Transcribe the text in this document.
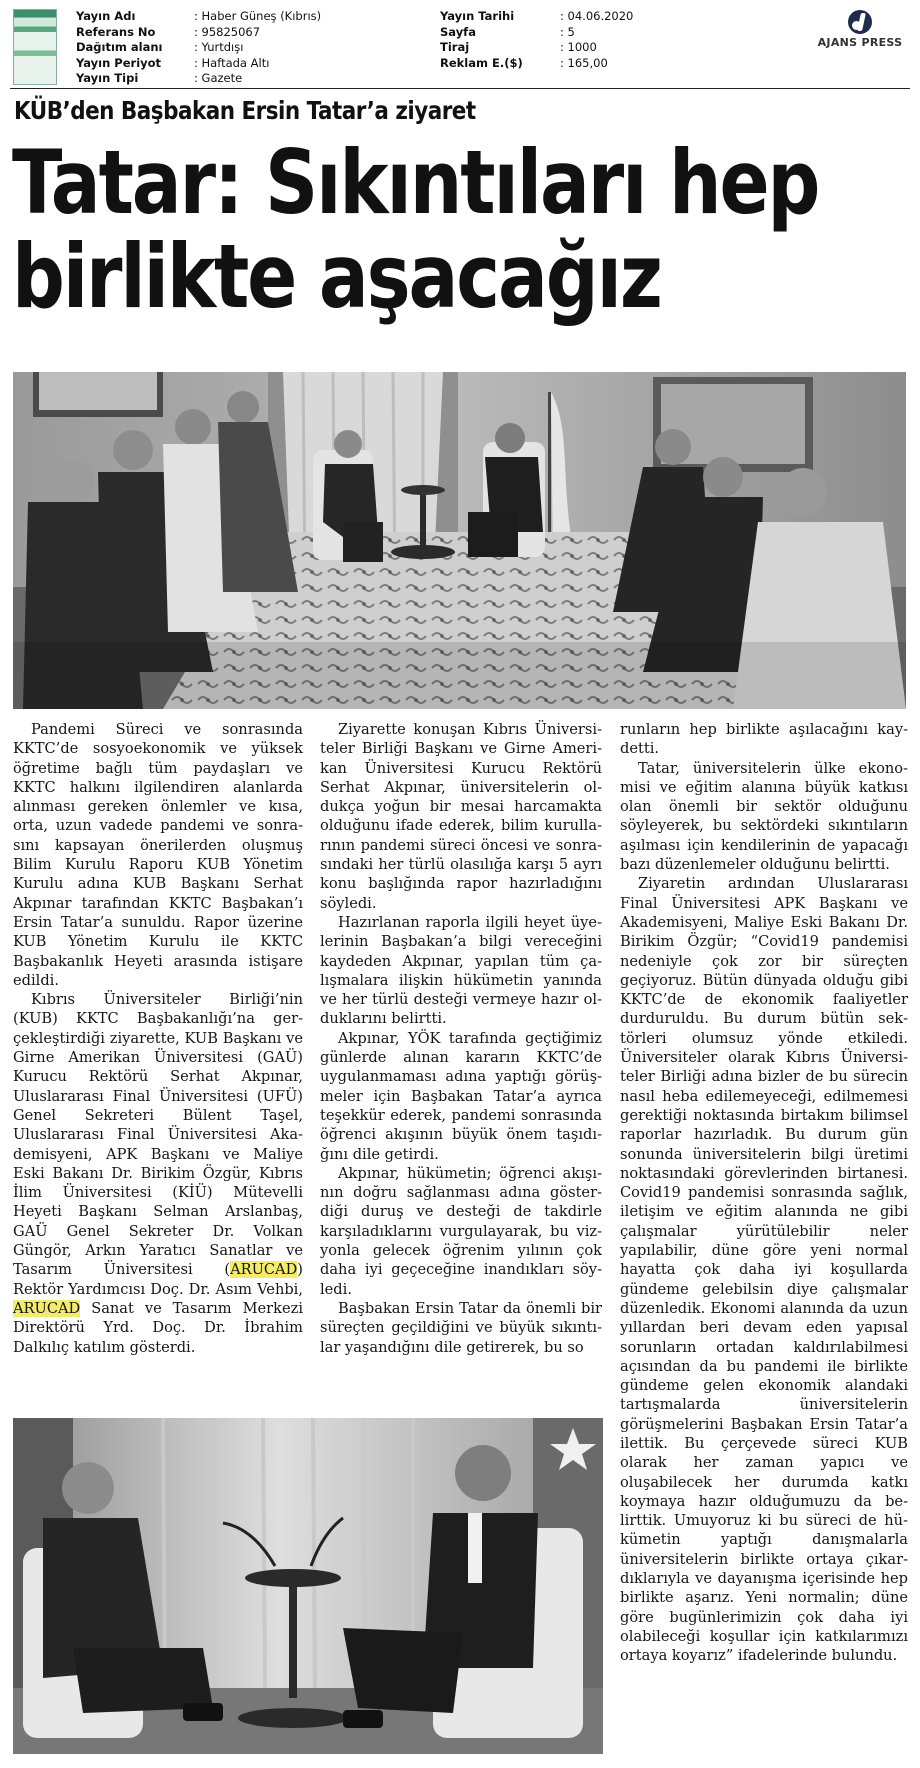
Yayın Adı	: Haber Güneş (Kıbrıs)
Referans No	: 95825067
Dağıtım alanı	: Yurtdışı
Yayın Periyot	: Haftada Altı
Yayın Tipi	: Gazete
Yayın Tarihi	: 04.06.2020
Sayfa	: 5
Tiraj	: 1000
Reklam E.($)	: 165,00
AJANS PRESS
KÜB’den Başbakan Ersin Tatar’a ziyaret
Tatar: Sıkıntıları hep
birlikte aşacağız

Pandemi Süreci ve sonrasında KKTC’de sosyoekonomik ve yüksek öğretime bağlı tüm paydaşları ve KKTC halkını ilgilendiren alanlarda alınması gereken önlemler ve kısa, orta, uzun vadede pandemi ve sonrasını kapsayan önerilerden oluşmuş Bilim Kurulu Raporu KUB Yönetim Kurulu adına KUB Başkanı Serhat Akpınar tarafından KKTC Başbakan’ı Ersin Tatar’a sunuldu. Rapor üzerine KUB Yönetim Kurulu ile KKTC Başbakanlık Heyeti arasında istişare edildi.

Kıbrıs Üniversiteler Birliği’nin (KUB) KKTC Başbakanlığı’na gerçekleştirdiği ziyarette, KUB Başkanı ve Girne Amerikan Üniversitesi (GAÜ) Kurucu Rektörü Serhat Akpınar, Uluslararası Final Üniversitesi (UFÜ) Genel Sekreteri Bülent Taşel, Uluslararası Final Üniversitesi Akademisyeni, APK Başkanı ve Maliye Eski Bakanı Dr. Birikim Özgür, Kıbrıs İlim Üniversitesi (KİÜ) Mütevelli Heyeti Başkanı Selman Arslanbaş, GAÜ Genel Sekreter Dr. Volkan Güngör, Arkın Yaratıcı Sanatlar ve Tasarım Üniversitesi (ARUCAD) Rektör Yardımcısı Doç. Dr. Asım Vehbi, ARUCAD Sanat ve Tasarım Merkezi Direktörü Yrd. Doç. Dr. İbrahim Dalkılıç katılım gösterdi.

Ziyarette konuşan Kıbrıs Üniversiteler Birliği Başkanı ve Girne Amerikan Üniversitesi Kurucu Rektörü Serhat Akpınar, üniversitelerin oldukça yoğun bir mesai harcamakta olduğunu ifade ederek, bilim kurullarının pandemi süreci öncesi ve sonrasındaki her türlü olasılığa karşı 5 ayrı konu başlığında rapor hazırladığını söyledi.

Hazırlanan raporla ilgili heyet üyelerinin Başbakan’a bilgi vereceğini kaydeden Akpınar, yapılan tüm çalışmalara ilişkin hükümetin yanında ve her türlü desteği vermeye hazır olduklarını belirtti.

Akpınar, YÖK tarafında geçtiğimiz günlerde alınan kararın KKTC’de uygulanmaması adına yaptığı görüşmeler için Başbakan Tatar’a ayrıca teşekkür ederek, pandemi sonrasında öğrenci akışının büyük önem taşıdığını dile getirdi.

Akpınar, hükümetin; öğrenci akışının doğru sağlanması adına gösterdiği duruş ve desteği de takdirle karşıladıklarını vurgulayarak, bu vizyonla gelecek öğrenim yılının çok daha iyi geçeceğine inandıkları söyledi.

Başbakan Ersin Tatar da önemli bir süreçten geçildiğini ve büyük sıkıntılar yaşandığını dile getirerek, bu so

runların hep birlikte aşılacağını kaydetti.

Tatar, üniversitelerin ülke ekonomisi ve eğitim alanına büyük katkısı olan önemli bir sektör olduğunu söyleyerek, bu sektördeki sıkıntıların aşılması için kendilerinin de yapacağı bazı düzenlemeler olduğunu belirtti.

Ziyaretin ardından Uluslararası Final Üniversitesi APK Başkanı ve Akademisyeni, Maliye Eski Bakanı Dr. Birikim Özgür; “Covid19 pandemisi nedeniyle çok zor bir süreçten geçiyoruz. Bütün dünyada olduğu gibi KKTC’de de ekonomik faaliyetler durduruldu. Bu durum bütün sektörleri olumsuz yönde etkiledi. Üniversiteler olarak Kıbrıs Üniversiteler Birliği adına bizler de bu sürecin nasıl heba edilemeyeceği, edilmemesi gerektiği noktasında birtakım bilimsel raporlar hazırladık. Bu durum gün sonunda üniversitelerin bilgi üretimi noktasındaki görevlerinden birtanesi. Covid19 pandemisi sonrasında sağlık, iletişim ve eğitim alanında ne gibi çalışmalar yürütülebilir neler yapılabilir, düne göre yeni normal hayatta çok daha iyi koşullarda gündeme gelebilsin diye çalışmalar düzenledik. Ekonomi alanında da uzun yıllardan beri devam eden yapısal sorunların ortadan kaldırılabilmesi açısından da bu pandemi ile birlikte gündeme gelen ekonomik alandaki tartışmalarda üniversitelerin görüşmelerini Başbakan Ersin Tatar’a ilettik. Bu çerçevede süreci KUB olarak her zaman yapıcı ve oluşabilecek her durumda katkı koymaya hazır olduğumuzu da belirttik. Umuyoruz ki bu süreci de hükümetin yaptığı danışmalarla üniversitelerin birlikte ortaya çıkardıklarıyla ve dayanışma içerisinde hep birlikte aşarız. Yeni normalin; düne göre bugünlerimizin çok daha iyi olabileceği koşullar için katkılarımızı ortaya koyarız” ifadelerinde bulundu.
